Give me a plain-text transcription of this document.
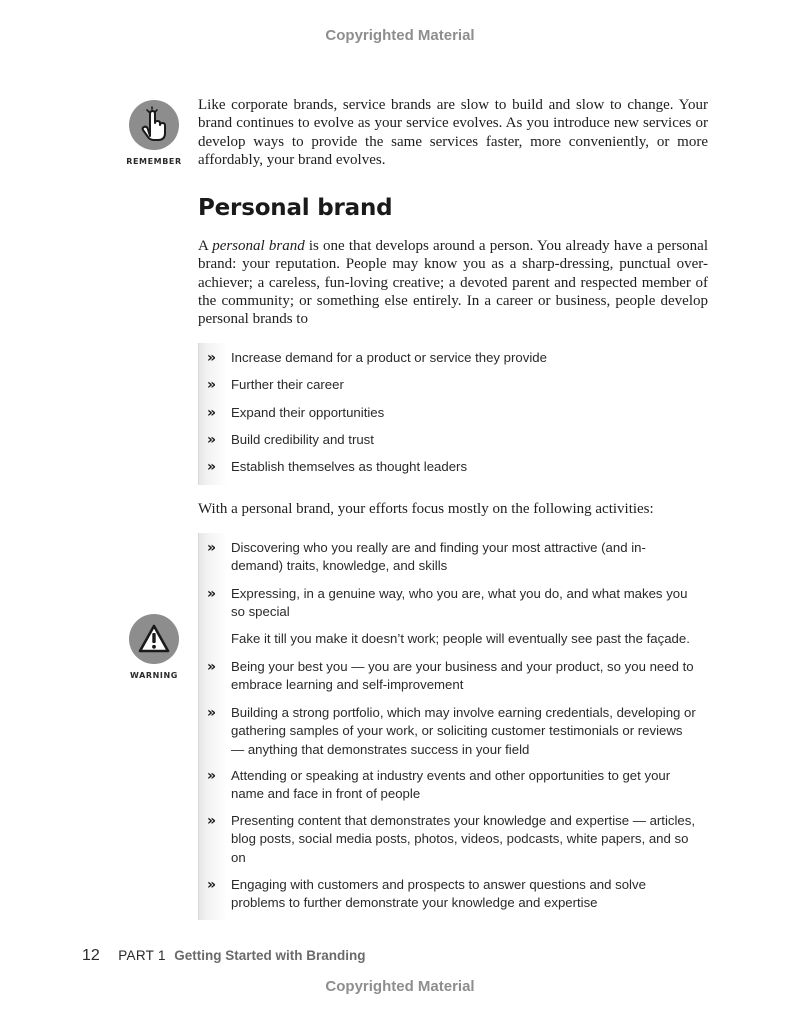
Copyrighted Material
REMEMBER

Like corporate brands, service brands are slow to build and slow to change. Your brand continues to evolve as your service evolves. As you introduce new services or develop ways to provide the same services faster, more conveniently, or more affordably, your brand evolves.

Personal brand

A personal brand is one that develops around a person. You already have a personal brand: your reputation. People may know you as a sharp-dressing, punctual over-achiever; a careless, fun-loving creative; a devoted parent and respected member of the community; or something else entirely. In a career or business, people develop personal brands to

» Increase demand for a product or service they provide
» Further their career
» Expand their opportunities
» Build credibility and trust
» Establish themselves as thought leaders

With a personal brand, your efforts focus mostly on the following activities:

WARNING
» Discovering who you really are and finding your most attractive (and in-demand) traits, knowledge, and skills
» Expressing, in a genuine way, who you are, what you do, and what makes you so special
Fake it till you make it doesn’t work; people will eventually see past the façade.
» Being your best you — you are your business and your product, so you need to embrace learning and self-improvement
» Building a strong portfolio, which may involve earning credentials, developing or gathering samples of your work, or soliciting customer testimonials or reviews — anything that demonstrates success in your field
» Attending or speaking at industry events and other opportunities to get your name and face in front of people
» Presenting content that demonstrates your knowledge and expertise — articles, blog posts, social media posts, photos, videos, podcasts, white papers, and so on
» Engaging with customers and prospects to answer questions and solve problems to further demonstrate your knowledge and expertise
12 PART 1 Getting Started with Branding
Copyrighted Material
